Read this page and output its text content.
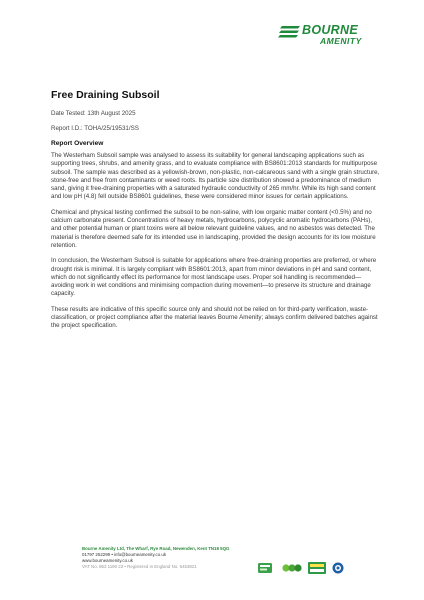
BOURNE
AMENITY
Free Draining Subsoil
Date Tested: 13th August 2025
Report I.D.: TOHA/25/19531/SS
Report Overview

The Westerham Subsoil sample was analysed to assess its suitability for general landscaping applications such as supporting trees, shrubs, and amenity grass, and to evaluate compliance with BS8601:2013 standards for multipurpose subsoil. The sample was described as a yellowish-brown, non-plastic, non-calcareous sand with a single grain structure, stone-free and free from contaminants or weed roots. Its particle size distribution showed a predominance of medium sand, giving it free-draining properties with a saturated hydraulic conductivity of 265 mm/hr. While its high sand content and low pH (4.8) fell outside BS8601 guidelines, these were considered minor issues for certain applications.

Chemical and physical testing confirmed the subsoil to be non-saline, with low organic matter content (<0.5%) and no calcium carbonate present. Concentrations of heavy metals, hydrocarbons, polycyclic aromatic hydrocarbons (PAHs), and other potential human or plant toxins were all below relevant guideline values, and no asbestos was detected. The material is therefore deemed safe for its intended use in landscaping, provided the design accounts for its low moisture retention.

In conclusion, the Westerham Subsoil is suitable for applications where free-draining properties are preferred, or where drought risk is minimal. It is largely compliant with BS8601:2013, apart from minor deviations in pH and sand content, which do not significantly effect its performance for most landscape uses. Proper soil handling is recommended—avoiding work in wet conditions and minimising compaction during movement—to preserve its structure and drainage capacity.

These results are indicative of this specific source only and should not be relied on for third-party verification, waste-classification, or project compliance after the material leaves Bourne Amenity; always confirm delivered batches against the project specification.

Bourne Amenity Ltd, The Wharf, Rye Road, Newenden, Kent TN18 5QG
01797 252299 • info@bourneamenity.co.uk
www.bourneamenity.co.uk
VAT No. 863 1190 22 • Registered in England No. 5453821
